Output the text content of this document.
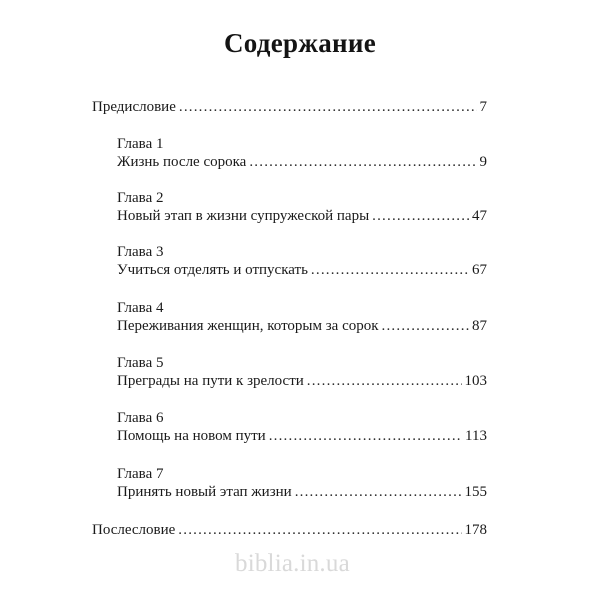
Содержание
Предисловие .....	7
Глава 1
Жизнь после сорока .....	9
Глава 2
Новый этап в жизни супружеской пары .....	47
Глава 3
Учиться отделять и отпускать .....	67
Глава 4
Переживания женщин, которым за сорок .....	87
Глава 5
Преграды на пути к зрелости .....	103
Глава 6
Помощь на новом пути .....	113
Глава 7
Принять новый этап жизни .....	155
Послесловие .....	178
biblia.in.ua
